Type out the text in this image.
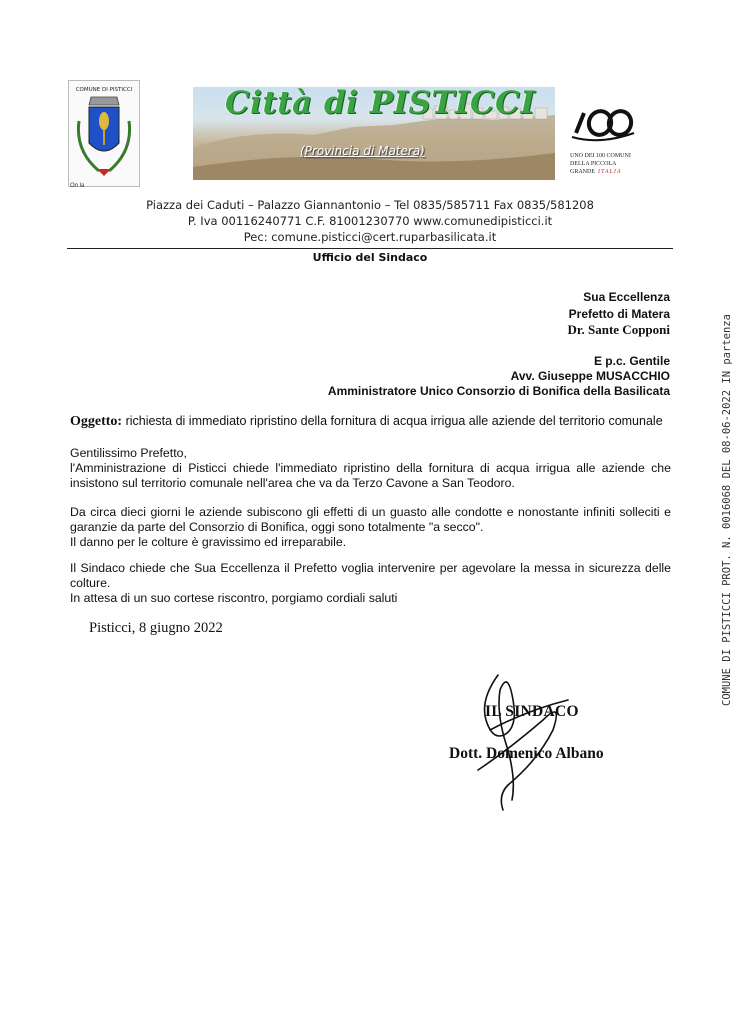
COMUNE DI PISTICCI
On la
Città di PISTICCI
(Provincia di Matera)	UNO DEI 100 COMUNI
DELLA PICCOLA
GRANDE ITALIA
Piazza dei Caduti – Palazzo Giannantonio – Tel 0835/585711 Fax 0835/581208
P. Iva 00116240771 C.F. 81001230770 www.comunedipisticci.it
Pec: comune.pisticci@cert.ruparbasilicata.it
Ufficio del Sindaco
Sua Eccellenza
Prefetto di Matera
Dr. Sante Copponi
E p.c. Gentile
Avv. Giuseppe MUSACCHIO
Amministratore Unico Consorzio di Bonifica della Basilicata
Oggetto: richiesta di immediato ripristino della fornitura di acqua irrigua alle aziende del territorio comunale

Gentilissimo Prefetto,

l'Amministrazione di Pisticci chiede l'immediato ripristino della fornitura di acqua irrigua alle aziende che insistono sul territorio comunale nell'area che va da Terzo Cavone a San Teodoro.

Da circa dieci giorni le aziende subiscono gli effetti di un guasto alle condotte e nonostante infiniti solleciti e garanzie da parte del Consorzio di Bonifica, oggi sono totalmente "a secco".

Il danno per le colture è gravissimo ed irreparabile.

Il Sindaco chiede che Sua Eccellenza il Prefetto voglia intervenire per agevolare la messa in sicurezza delle colture.

In attesa di un suo cortese riscontro, porgiamo cordiali saluti

Pisticci, 8 giugno 2022
IL SINDACO
Dott. Domenico Albano
COMUNE DI PISTICCI PROT. N. 0016068 DEL 08-06-2022 IN partenza
